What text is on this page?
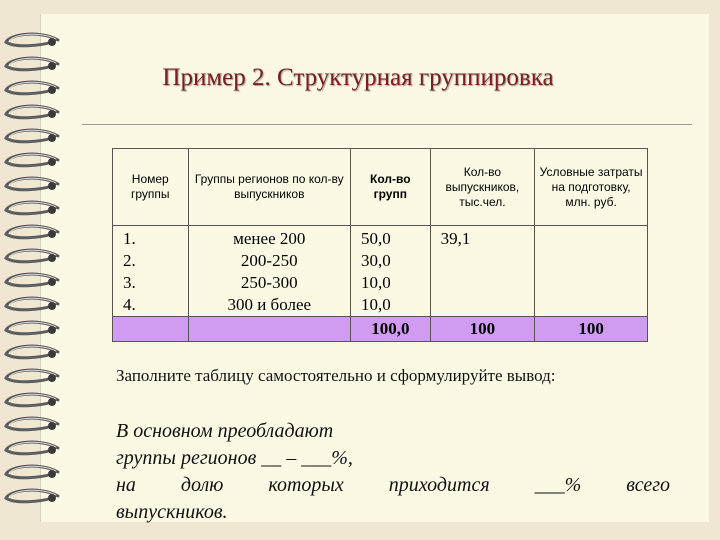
Пример 2. Структурная группировка
Номер группы	Группы регионов по кол-ву выпускников	Кол-во групп	Кол-во выпускников, тыс.чел.	Условные затраты на подготовку, млн. руб.
1.	менее 200	50,0	39,1	
2.	200-250	30,0		
3.	250-300	10,0		
4.	300 и более	10,0		
		100,0	100	100
Заполните таблицу самостоятельно и сформулируйте вывод:
В основном преобладают
группы регионов __ – ___%,
на долю которых приходится ___% всего
выпускников.
